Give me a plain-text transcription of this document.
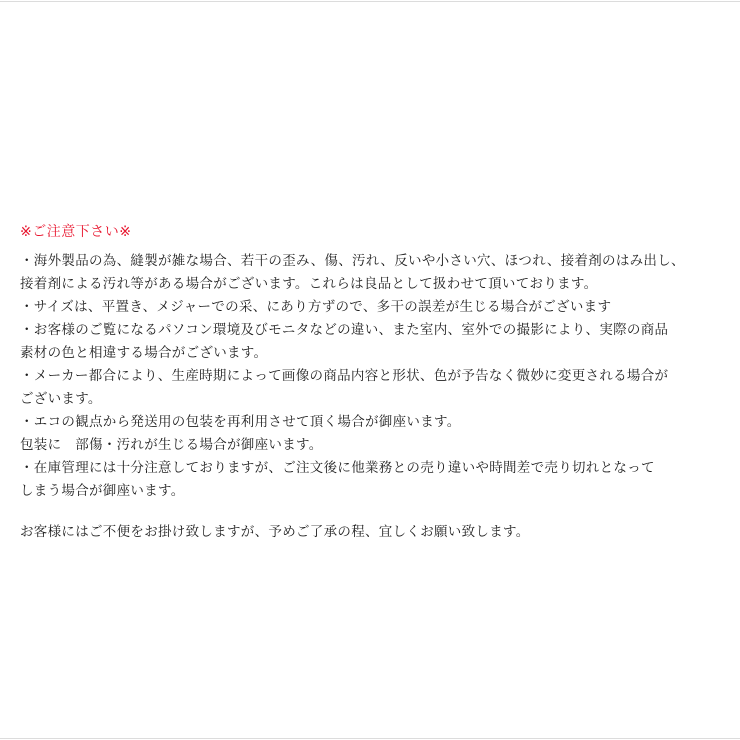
※ご注意下さい※

・海外製品の為、縫製が雑な場合、若干の歪み、傷、汚れ、反いや小さい穴、ほつれ、接着剤のはみ出し、

接着剤による汚れ等がある場合がございます。これらは良品として扱わせて頂いております。

・サイズは、平置き、メジャーでの采、にあり方ずので、多干の誤差が生じる場合がございます

・お客様のご覧になるパソコン環境及びモニタなどの違い、また室内、室外での撮影により、実際の商品

素材の色と相違する場合がございます。

・メーカー都合により、生産時期によって画像の商品内容と形状、色が予告なく微妙に変更される場合が

ございます。

・エコの観点から発送用の包装を再利用させて頂く場合が御座います。

包装に　部傷・汚れが生じる場合が御座います。

・在庫管理には十分注意しておりますが、ご注文後に他業務との売り違いや時間差で売り切れとなって

しまう場合が御座います。

お客様にはご不便をお掛け致しますが、予めご了承の程、宜しくお願い致します。
